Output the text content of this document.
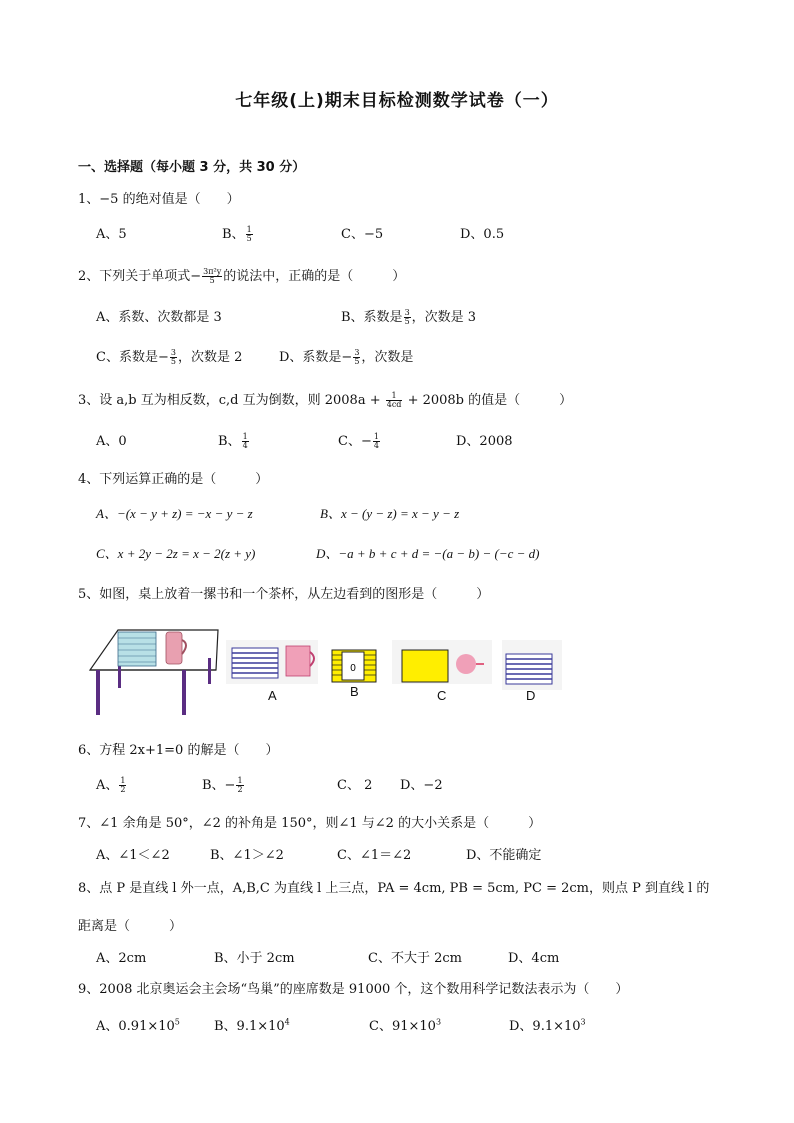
七年级(上)期末目标检测数学试卷（一）
一、选择题（每小题 3 分，共 30 分）
1、−5 的绝对值是（　　）
A、5	B、 $\frac{1}{5}$	C、−5	D、0.5
2、下列关于单项式− $\frac{\text{3π²y}}{5}$ 的说法中，正确的是（　　　）
A、系数、次数都是 3	B、系数是 $\frac{3}{5}$ ，次数是 3
C、系数是− $\frac{3}{5}$ ，次数是 2	D、系数是− $\frac{3}{5}$ ，次数是
3、设 a,b 互为相反数，c,d 互为倒数，则 $2008a + \frac{1}{4cd} + 2008b$ 的值是（　　　）
A、0	B、 $\frac{1}{4}$	C、− $\frac{1}{4}$	D、2008
4、下列运算正确的是（　　　）
A、−(x − y + z) = −x − y − z	B、x − (y − z) = x − y − z
C、x + 2y − 2z = x − 2(z + y)	D、−a + b + c + d = −(a − b) − (−c − d)
5、如图，桌上放着一摞书和一个茶杯，从左边看到的图形是（　　　）
0
A	B	C	D
6、方程 2x+1=0 的解是（　　）
A、 $\frac{1}{2}$	B、− $\frac{1}{2}$	C、 2 D、−2
7、∠1 余角是 50°，∠2 的补角是 150°，则∠1 与∠2 的大小关系是（　　　）
A、∠1＜∠2	B、∠1＞∠2	C、∠1＝∠2	D、不能确定
8、点 P 是直线 l 外一点，A,B,C 为直线 l 上三点，PA = 4cm, PB = 5cm, PC = 2cm，则点 P 到直线 l 的
距离是（　　　）
A、2cm	B、小于 2cm	C、不大于 2cm	D、4cm
9、2008 北京奥运会主会场“鸟巢”的座席数是 91000 个，这个数用科学记数法表示为（　　）
A、$0.91\times 10^5$	B、$9.1\times 10^4$	C、$91\times 10^3$	D、$9.1\times 10^3$
